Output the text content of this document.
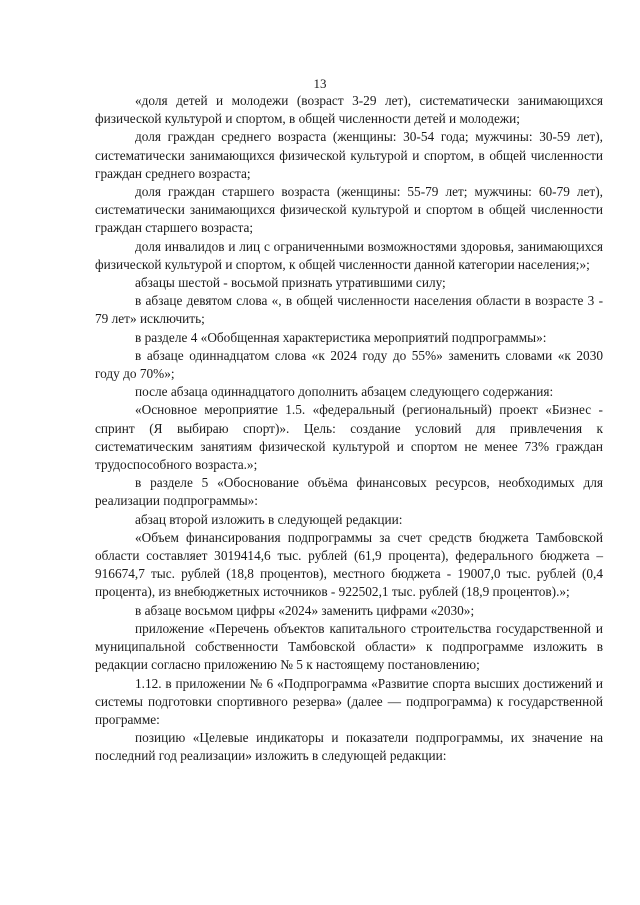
13

«доля детей и молодежи (возраст 3-29 лет), систематически занимающихся физической культурой и спортом, в общей численности детей и молодежи;

доля граждан среднего возраста (женщины: 30-54 года; мужчины: 30-59 лет), систематически занимающихся физической культурой и спортом, в общей численности граждан среднего возраста;

доля граждан старшего возраста (женщины: 55-79 лет; мужчины: 60-79 лет), систематически занимающихся физической культурой и спортом в общей численности граждан старшего возраста;

доля инвалидов и лиц с ограниченными возможностями здоровья, занимающихся физической культурой и спортом, к общей численности данной категории населения;»;

абзацы шестой - восьмой признать утратившими силу;

в абзаце девятом слова «, в общей численности населения области в возрасте 3 - 79 лет» исключить;

в разделе 4 «Обобщенная характеристика мероприятий подпрограммы»:

в абзаце одиннадцатом слова «к 2024 году до 55%» заменить словами «к 2030 году до 70%»;

после абзаца одиннадцатого дополнить абзацем следующего содержания:

«Основное мероприятие 1.5. «федеральный (региональный) проект «Бизнес - спринт (Я выбираю спорт)». Цель: создание условий для привлечения к систематическим занятиям физической культурой и спортом не менее 73% граждан трудоспособного возраста.»;

в разделе 5 «Обоснование объёма финансовых ресурсов, необходимых для реализации подпрограммы»:

абзац второй изложить в следующей редакции:

«Объем финансирования подпрограммы за счет средств бюджета Тамбовской области составляет 3019414,6 тыс. рублей (61,9 процента), федерального бюджета – 916674,7 тыс. рублей (18,8 процентов), местного бюджета - 19007,0 тыс. рублей (0,4 процента), из внебюджетных источников - 922502,1 тыс. рублей (18,9 процентов).»;

в абзаце восьмом цифры «2024» заменить цифрами «2030»;

приложение «Перечень объектов капитального строительства государственной и муниципальной собственности Тамбовской области» к подпрограмме изложить в редакции согласно приложению № 5 к настоящему постановлению;

1.12. в приложении № 6 «Подпрограмма «Развитие спорта высших достижений и системы подготовки спортивного резерва» (далее — подпрограмма) к государственной программе:

позицию «Целевые индикаторы и показатели подпрограммы, их значение на последний год реализации» изложить в следующей редакции:
